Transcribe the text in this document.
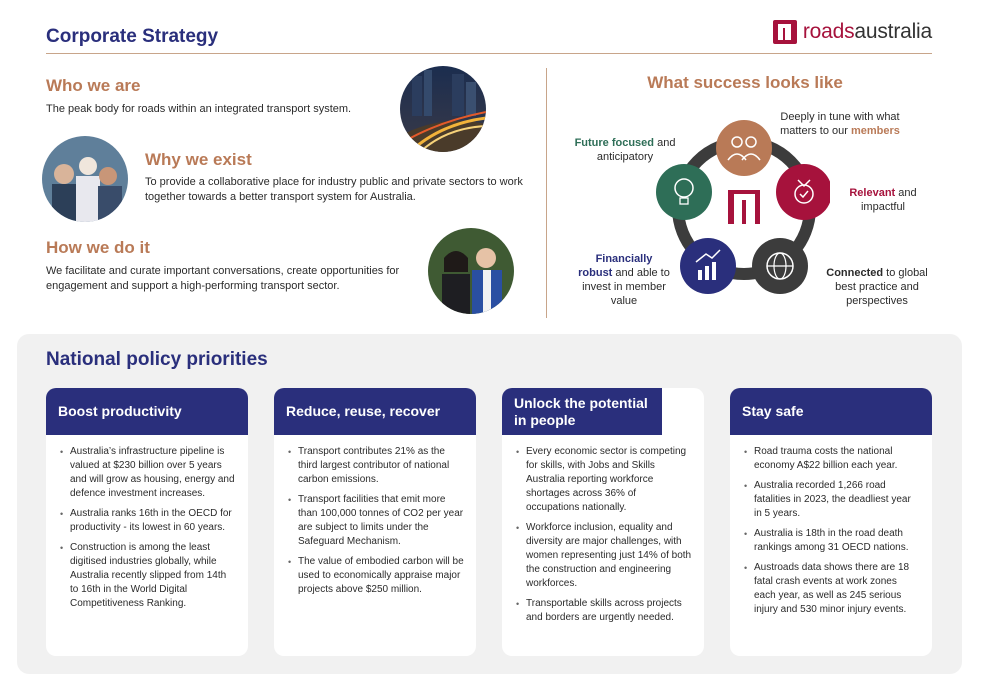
Corporate Strategy	roadsaustralia
Who we are
The peak body for roads within an integrated transport system.
Why we exist
To provide a collaborative place for industry public and private sectors to work together towards a better transport system for Australia.
How we do it
We facilitate and curate important conversations, create opportunities for engagement and support a high-performing transport sector.
What success looks like
Deeply in tune with what matters to our members
Relevant and impactful
Connected to global best practice and perspectives
Financially robust and able to invest in member value
Future focused and anticipatory
National policy priorities
Boost productivity
• Australia’s infrastructure pipeline is valued at $230 billion over 5 years and will grow as housing, energy and defence investment increases.
• Australia ranks 16th in the OECD for productivity - its lowest in 60 years.
• Construction is among the least digitised industries globally, while Australia recently slipped from 14th to 16th in the World Digital Competitiveness Ranking.
Reduce, reuse, recover
• Transport contributes 21% as the third largest contributor of national carbon emissions.
• Transport facilities that emit more than 100,000 tonnes of CO2 per year are subject to limits under the Safeguard Mechanism.
• The value of embodied carbon will be used to economically appraise major projects above $250 million.
Unlock the potential in people
• Every economic sector is competing for skills, with Jobs and Skills Australia reporting workforce shortages across 36% of occupations nationally.
• Workforce inclusion, equality and diversity are major challenges, with women representing just 14% of both the construction and engineering workforces.
• Transportable skills across projects and borders are urgently needed.
Stay safe
• Road trauma costs the national economy A$22 billion each year.
• Australia recorded 1,266 road fatalities in 2023, the deadliest year in 5 years.
• Australia is 18th in the road death rankings among 31 OECD nations.
• Austroads data shows there are 18 fatal crash events at work zones each year, as well as 245 serious injury and 530 minor injury events.
